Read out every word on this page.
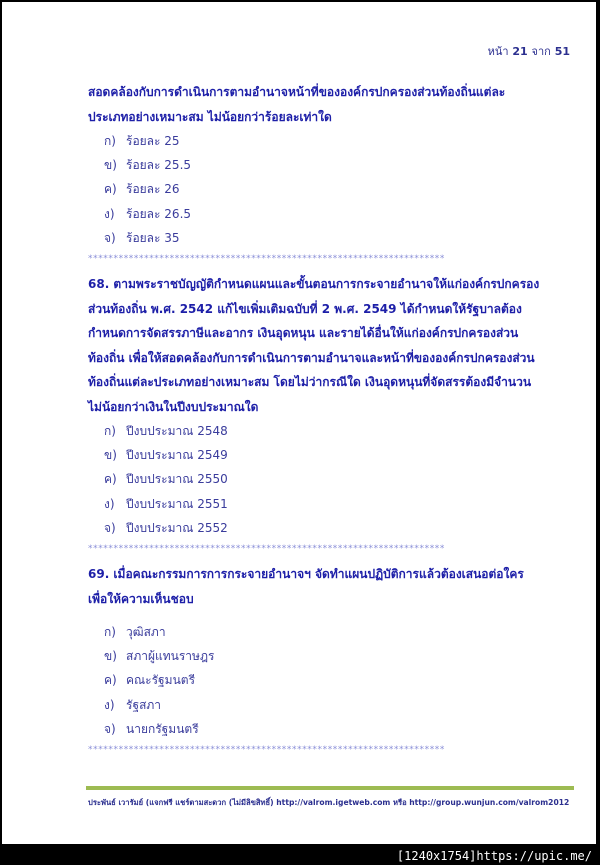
หน้า 21 จาก 51
สอดคล้องกับการดำเนินการตามอำนาจหน้าที่ขององค์กรปกครองส่วนท้องถิ่นแต่ละ
ประเภทอย่างเหมาะสม ไม่น้อยกว่าร้อยละเท่าใด
ก) ร้อยละ 25
ข) ร้อยละ 25.5
ค) ร้อยละ 26
ง) ร้อยละ 26.5
จ) ร้อยละ 35
**********************************************************************
68. ตามพระราชบัญญัติกำหนดแผนและขั้นตอนการกระจายอำนาจให้แก่องค์กรปกครอง
ส่วนท้องถิ่น พ.ศ. 2542 แก้ไขเพิ่มเติมฉบับที่ 2 พ.ศ. 2549 ได้กำหนดให้รัฐบาลต้อง
กำหนดการจัดสรรภาษีและอากร เงินอุดหนุน และรายได้อื่นให้แก่องค์กรปกครองส่วน
ท้องถิ่น เพื่อให้สอดคล้องกับการดำเนินการตามอำนาจและหน้าที่ขององค์กรปกครองส่วน
ท้องถิ่นแต่ละประเภทอย่างเหมาะสม โดยไม่ว่ากรณีใด เงินอุดหนุนที่จัดสรรต้องมีจำนวน
ไม่น้อยกว่าเงินในปีงบประมาณใด
ก) ปีงบประมาณ 2548
ข) ปีงบประมาณ 2549
ค) ปีงบประมาณ 2550
ง) ปีงบประมาณ 2551
จ) ปีงบประมาณ 2552
**********************************************************************
69. เมื่อคณะกรรมการการกระจายอำนาจฯ จัดทำแผนปฏิบัติการแล้วต้องเสนอต่อใคร
เพื่อให้ความเห็นชอบ
ก) วุฒิสภา
ข) สภาผู้แทนราษฎร
ค) คณะรัฐมนตรี
ง) รัฐสภา
จ) นายกรัฐมนตรี
**********************************************************************
ประพันธ์ เวารัมย์ (แจกฟรี แชร์ตามสะดวก (ไม่มีลิขสิทธิ์) http://valrom.igetweb.com หรือ http://group.wunjun.com/valrom2012
[1240x1754]https://upic.me/
